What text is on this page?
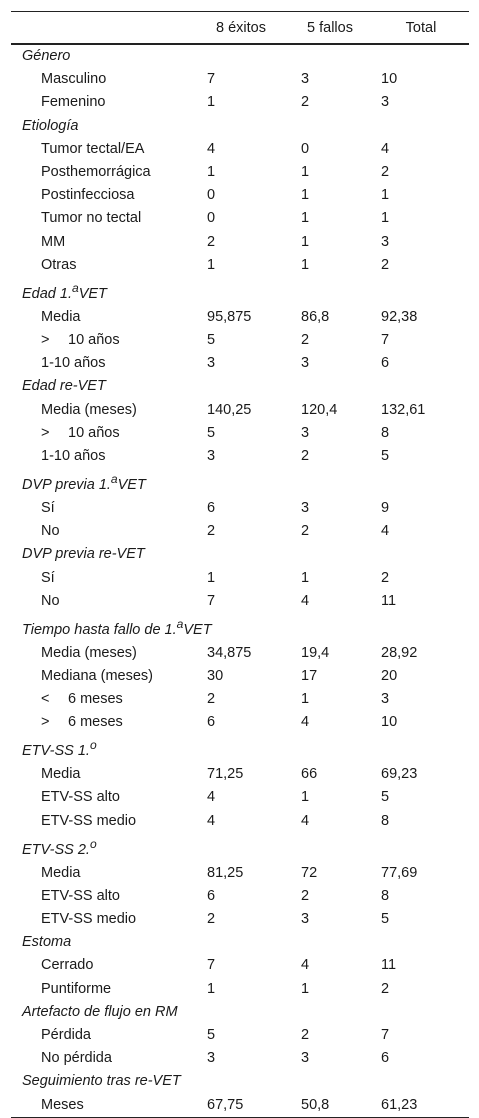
	8 éxitos	5 fallos	Total
Género			
Masculino	7	3	10
Femenino	1	2	3
Etiología			
Tumor tectal/EA	4	0	4
Posthemorrágica	1	1	2
Postinfecciosa	0	1	1
Tumor no tectal	0	1	1
MM	2	1	3
Otras	1	1	2
Edad 1.$^a$VET			
Media	95,875	86,8	92,38
> 10 años	5	2	7
1-10 años	3	3	6
Edad re-VET			
Media (meses)	140,25	120,4	132,61
> 10 años	5	3	8
1-10 años	3	2	5
DVP previa 1.$^a$VET			
Sí	6	3	9
No	2	2	4
DVP previa re-VET			
Sí	1	1	2
No	7	4	11
Tiempo hasta fallo de 1.$^a$VET			
Media (meses)	34,875	19,4	28,92
Mediana (meses)	30	17	20
< 6 meses	2	1	3
> 6 meses	6	4	10
ETV-SS 1.$^o$
Media	71,25	66	69,23
ETV-SS alto	4	1	5
ETV-SS medio	4	4	8
ETV-SS 2.$^o$
Media	81,25	72	77,69
ETV-SS alto	6	2	8
ETV-SS medio	2	3	5
Estoma			
Cerrado	7	4	11
Puntiforme	1	1	2
Artefacto de flujo en RM			
Pérdida	5	2	7
No pérdida	3	3	6
Seguimiento tras re-VET			
Meses	67,75	50,8	61,23
